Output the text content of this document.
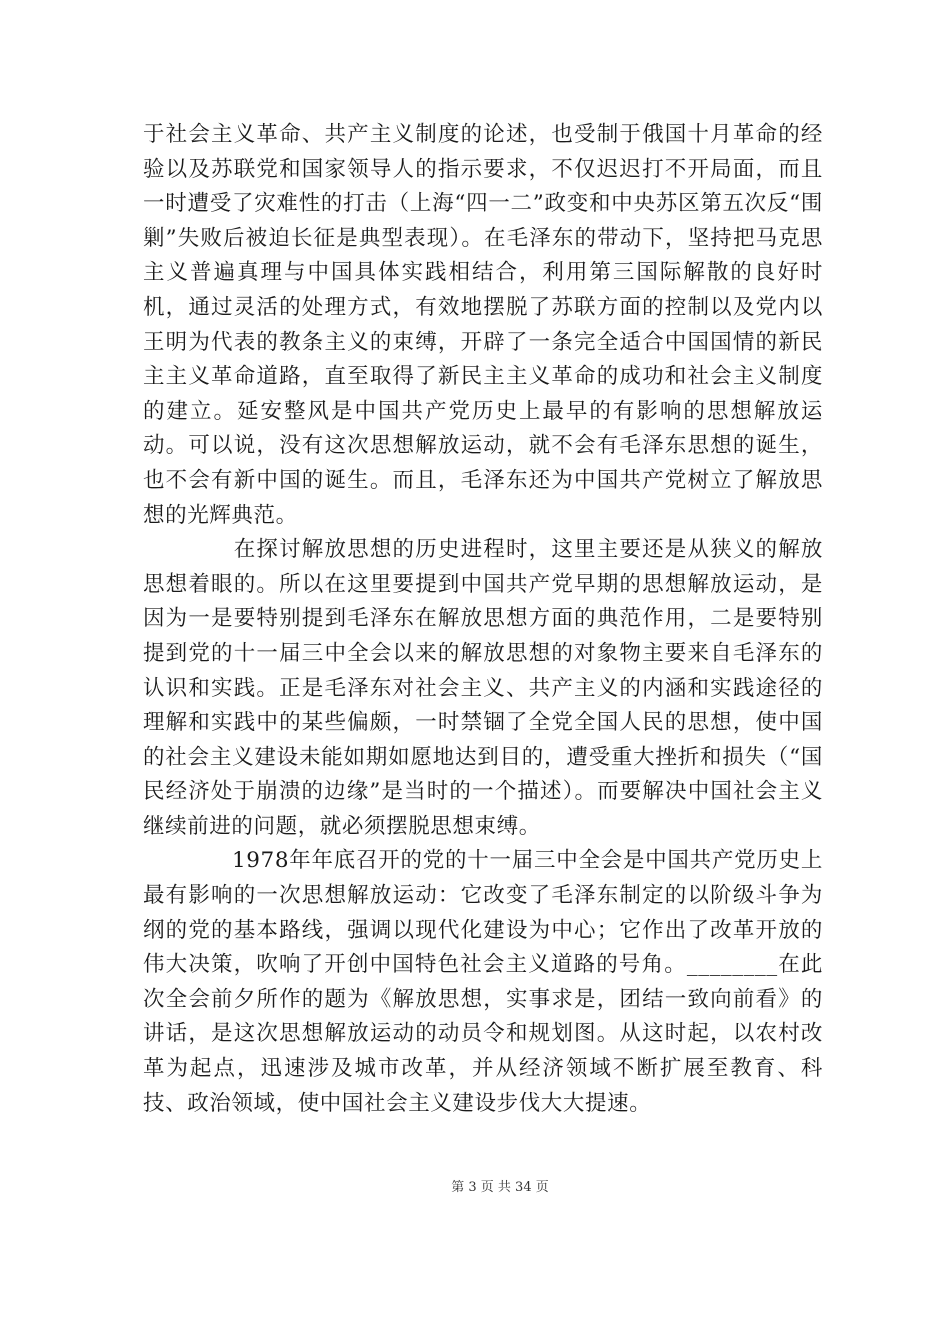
于社会主义革命、共产主义制度的论述，也受制于俄国十月革命的经验以及苏联党和国家领导人的指示要求，不仅迟迟打不开局面，而且一时遭受了灾难性的打击（上海“四一二”政变和中央苏区第五次反“围剿”失败后被迫长征是典型表现）。在毛泽东的带动下，坚持把马克思主义普遍真理与中国具体实践相结合，利用第三国际解散的良好时机，通过灵活的处理方式，有效地摆脱了苏联方面的控制以及党内以王明为代表的教条主义的束缚，开辟了一条完全适合中国国情的新民主主义革命道路，直至取得了新民主主义革命的成功和社会主义制度的建立。延安整风是中国共产党历史上最早的有影响的思想解放运动。可以说，没有这次思想解放运动，就不会有毛泽东思想的诞生，也不会有新中国的诞生。而且，毛泽东还为中国共产党树立了解放思想的光辉典范。

　　　　在探讨解放思想的历史进程时，这里主要还是从狭义的解放思想着眼的。所以在这里要提到中国共产党早期的思想解放运动，是因为一是要特别提到毛泽东在解放思想方面的典范作用，二是要特别提到党的十一届三中全会以来的解放思想的对象物主要来自毛泽东的认识和实践。正是毛泽东对社会主义、共产主义的内涵和实践途径的理解和实践中的某些偏颇，一时禁锢了全党全国人民的思想，使中国的社会主义建设未能如期如愿地达到目的，遭受重大挫折和损失（“国民经济处于崩溃的边缘”是当时的一个描述）。而要解决中国社会主义继续前进的问题，就必须摆脱思想束缚。

　　　　1978年年底召开的党的十一届三中全会是中国共产党历史上最有影响的一次思想解放运动：它改变了毛泽东制定的以阶级斗争为纲的党的基本路线，强调以现代化建设为中心；它作出了改革开放的伟大决策，吹响了开创中国特色社会主义道路的号角。________在此次全会前夕所作的题为《解放思想，实事求是，团结一致向前看》的讲话，是这次思想解放运动的动员令和规划图。从这时起，以农村改革为起点，迅速涉及城市改革，并从经济领域不断扩展至教育、科技、政治领域，使中国社会主义建设步伐大大提速。

第 3 页 共 34 页
